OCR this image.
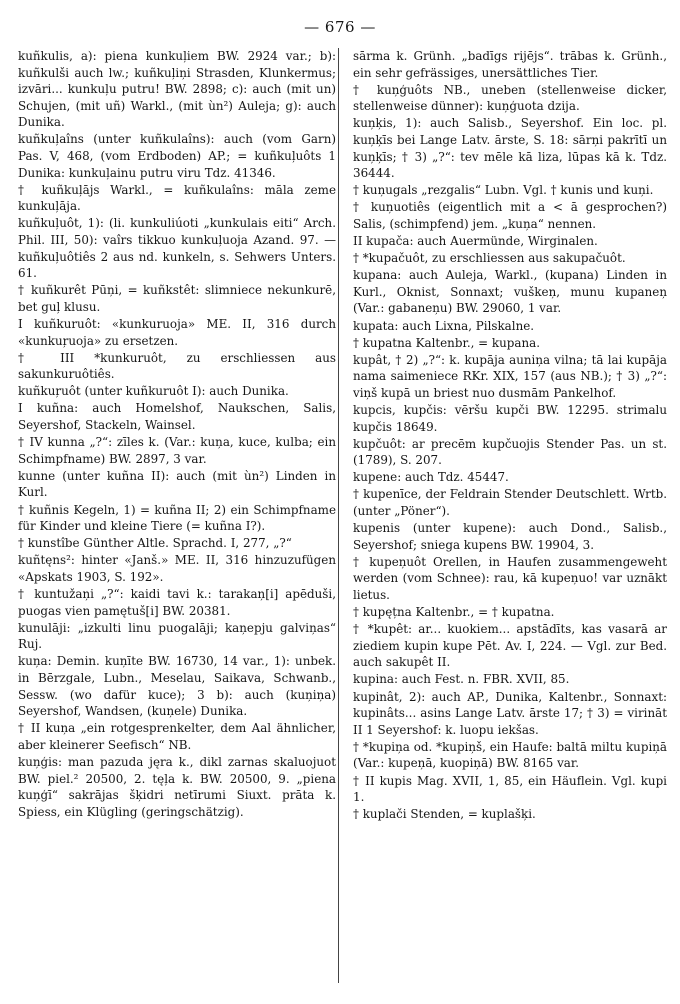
— 676 —

kuñkulis, a): piena kunkuļiem BW. 2924 var.; b): kuñkulši auch lw.; kuñkuļiņi Strasden, Klunkermus; izvāri... kunkuļu putru! BW. 2898; c): auch (mit un) Schujen, (mit uñ) Warkl., (mit ùn²) Auleja; g): auch Dunika.

kuñkuļaîns (unter kuñkulaîns): auch (vom Garn) Pas. V, 468, (vom Erdboden) AP.; = kuñkuļuôts 1 Dunika: kunkuļainu putru viru Tdz. 41346.

† kuñkuļājs Warkl., = kuñkulaîns: māla zeme kunkuļāja.

kuñkuļuôt, 1): (li. kunkuliúoti „kunkulais eiti“ Arch. Phil. III, 50): vaîrs tikkuo kunkuļuoja Azand. 97. — kuñkuļuôtiês 2 aus nd. kunkeln, s. Sehwers Unters. 61.

† kuñkurêt Pūņi, = kuñkstêt: slimniece nekunkurē, bet guļ klusu.

I kuñkuruôt: «kunkuruoja» ME. II, 316 durch «kunkuŗuoja» zu ersetzen.

† III *kunkuruôt, zu erschliessen aus sakunkuruôtiês.

kuñkuŗuôt (unter kuñkuruôt I): auch Dunika.

I kuñna: auch Homelshof, Naukschen, Salis, Seyershof, Stackeln, Wainsel.

† IV kunna „?“: zīles k. (Var.: kuņa, kuce, kulba; ein Schimpfname) BW. 2897, 3 var.

kunne (unter kuñna II): auch (mit ùn²) Linden in Kurl.

† kuñnis Kegeln, 1) = kuñna II; 2) ein Schimpfname für Kinder und kleine Tiere (= kuñna I?).

† kunstîbe Günther Altle. Sprachd. I, 277, „?“

kuñtęns²: hinter «Janš.» ME. II, 316 hinzuzufügen «Apskats 1903, S. 192».

† kuntužaņi „?“: kaidi tavi k.: tarakaņ[i] apēduši, puogas vien pamętuš[i] BW. 20381.

kunulāji: „izkulti linu puogalāji; kaņepju galviņas“ Ruj.

kuņa: Demin. kuņīte BW. 16730, 14 var., 1): unbek. in Bērzgale, Lubn., Meselau, Saikava, Schwanb., Sessw. (wo dafür kuce); 3 b): auch (kuņiņa) Seyershof, Wandsen, (kuņele) Dunika.

† II kuņa „ein rotgesprenkelter, dem Aal ähnlicher, aber kleinerer Seefisch“ NB.

kuņģis: man pazuda jęra k., dikl zarnas skaluojuot BW. piel.² 20500, 2. tęļa k. BW. 20500, 9. „piena kuņģī“ sakrājas šķidri netīrumi Siuxt. prāta k. Spiess, ein Klügling (geringschätzig).

sārma k. Grünh. „badīgs rijējs“. trābas k. Grünh., ein sehr gefrässiges, unersättliches Tier.

† kuņģuôts NB., uneben (stellenweise dicker, stellenweise dünner): kuņģuota dzija.

kuņķis, 1): auch Salisb., Seyershof. Ein loc. pl. kuņķīs bei Lange Latv. ārste, S. 18: sārņi pakrītī un kuņķīs; † 3) „?“: tev mēle kā liza, lūpas kā k. Tdz. 36444.

† kuņugals „rezgalis“ Lubn. Vgl. † kunis und kuņi.

† kuņuotiês (eigentlich mit a < ā gesprochen?) Salis, (schimpfend) jem. „kuņa“ nennen.

II kupača: auch Auermünde, Wirginalen.

† *kupačuôt, zu erschliessen aus sakupačuôt.

kupana: auch Auleja, Warkl., (kupana) Linden in Kurl., Oknist, Sonnaxt; vuškeņ, munu kupaneņ (Var.: gabaneņu) BW. 29060, 1 var.

kupata: auch Lixna, Pilskalne.

† kupatna Kaltenbr., = kupana.

kupât, † 2) „?“: k. kupāja auniņa vilna; tā lai kupāja nama saimeniece RKr. XIX, 157 (aus NB.); † 3) „?“: viņš kupā un briest nuo dusmām Pankelhof.

kupcis, kupčis: vēršu kupči BW. 12295. strimalu kupčis 18649.

kupčuôt: ar precēm kupčuojis Stender Pas. un st. (1789), S. 207.

kupene: auch Tdz. 45447.

† kupenīce, der Feldrain Stender Deutschlett. Wrtb. (unter „Pöner“).

kupenis (unter kupene): auch Dond., Salisb., Seyershof; sniega kupens BW. 19904, 3.

† kupeņuôt Orellen, in Haufen zusammengeweht werden (vom Schnee): rau, kā kupeņuo! var uznākt lietus.

† kupęțna Kaltenbr., = † kupatna.

† *kupêt: ar... kuokiem... apstādīts, kas vasarā ar ziediem kupin kupe Pēt. Av. I, 224. — Vgl. zur Bed. auch sakupêt II.

kupina: auch Fest. n. FBR. XVII, 85.

kupinât, 2): auch AP., Dunika, Kaltenbr., Sonnaxt: kupinâts... asins Lange Latv. ārste 17; † 3) = virināt II 1 Seyershof: k. luopu iekšas.

† *kupiņa od. *kupiņš, ein Haufe: baltā miltu kupiņā (Var.: kupeņā, kuopiņā) BW. 8165 var.

† II kupis Mag. XVII, 1, 85, ein Häuflein. Vgl. kupi 1.

† kuplači Stenden, = kuplašķi.
